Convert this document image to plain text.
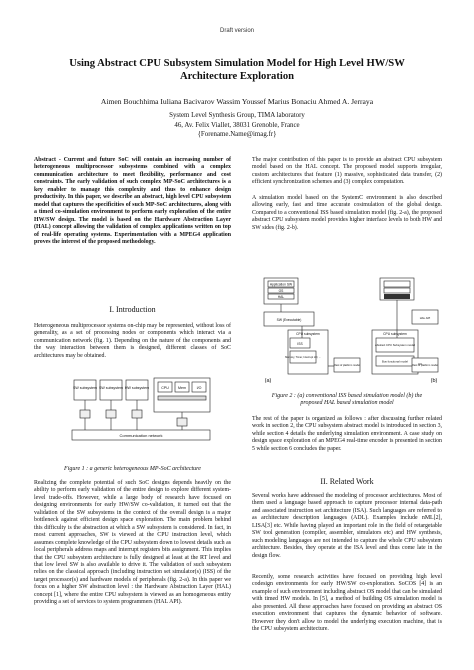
Draft version
Using Abstract CPU Subsystem Simulation Model for High Level HW/SW
Architecture Exploration
Aimen Bouchhima Iuliana Bacivarov Wassim Youssef Marius Bonaciu Ahmed A. Jerraya
System Level Synthesis Group, TIMA laboratory
46, Av. Felix Viallet, 38031 Grenoble, France
{Forename.Name@imag.fr}
Abstract - Current and future SoC will contain an increasing number of heterogeneous multiprocessor subsystems combined with a complex communication architecture to meet flexibility, performance and cost constraints. The early validation of such complex MP-SoC architectures is a key enabler to manage this complexity and thus to enhance design productivity. In this paper, we describe an abstract, high level CPU subsystem model that captures the specificities of such MP-SoC architectures, along with a timed co-simulation environment to perform early exploration of the entire HW/SW design. The model is based on the Hardware Abstraction Layer (HAL) concept allowing the validation of complex applications written on top of real-life operating systems. Experimentation with a MPEG4 application proves the interest of the proposed methodology.
I. Introduction
Heterogeneous multiprocessor systems on-chip may be represented, without loss of generality, as a set of processing nodes or components which interact via a communication network (fig. 1). Depending on the nature of the components and the way interaction between them is designed, different classes of SoC architectures may be obtained.
SW subsystem SW subsystem HW subsystem	CPU	Mem	I/O
Communication network
Figure 1 : a generic heterogeneous MP-SoC architecture
Realizing the complete potential of such SoC designs depends heavily on the ability to perform early validation of the entire design to explore different system-level trade-offs. However, while a large body of research have focused on designing environments for early HW/SW co-validation, it turned out that the validation of the SW subsystems in the context of the overall design is a major bottleneck against efficient design space exploration. The main problem behind this difficulty is the abstraction at which a SW subsystem is considered. In fact, in most current approaches, SW is viewed at the CPU instruction level, which assumes complete knowledge of the CPU subsystem down to lowest details such as local peripherals address maps and interrupt registers bits assignment. This implies that the CPU subsystem architecture is fully designed at least at the RT level and that low level SW is also available to drive it. The validation of such subsystem relies on the classical approach (including instruction set simulator(s) (ISS) of the target processor(s) and hardware models of peripherals (fig. 2-a). In this paper we focus on a higher SW abstraction level : the Hardware Abstraction Layer (HAL) concept [1], where the entire CPU subsystem is viewed as an homogeneous entity providing a set of services to system programmers (HAL API).
The major contribution of this paper is to provide an abstract CPU subsystem model based on the HAL concept. The proposed model supports irregular, custom architectures that feature (1) massive, sophisticated data transfer, (2) efficient synchronization schemes and (3) complex computation.
A simulation model based on the SystemC environment is also described allowing early, fast and time accurate cosimulation of the global design. Compared to a conventional ISS based simulation model (fig. 2-a), the proposed abstract CPU subsystem model provides higher interface levels to both HW and SW sides (fig. 2-b).
Application SW
OS
HAL
SW (Executable)
CPU subsystem
ISS
Memory, Timer, Interrupt ctrl, ...
Rest of platform model
CPU subsystem
Abstract CPU Subsystem model
HAL API
Bus functional model
Rest of platform model
(a)	(b)
Figure 2 : (a) conventional ISS based simulation model (b) the
proposed HAL based simulation model
The rest of the paper is organized as follows : after discussing further related work in section 2, the CPU subsystem abstract model is introduced in section 3, while section 4 details the underlying simulation environment. A case study on design space exploration of an MPEG4 real-time encoder is presented in section 5 while section 6 concludes the paper.
II. Related Work
Several works have addressed the modeling of processor architectures. Most of them used a language based approach to capture processor internal data-path and associated instruction set architecture (ISA). Such languages are referred to as architecture description languages (ADL). Examples include nML[2], LISA[3] etc. While having played an important role in the field of retargetable SW tool generation (compiler, assembler, simulators etc) and HW synthesis, such modeling languages are not intended to capture the whole CPU subsystem architecture. Besides, they operate at the ISA level and thus come late in the design flow.
Recently, some research activities have focused on providing high level codesign environments for early HW/SW co-exploration. SoCOS [4] is an example of such environment including abstract OS model that can be simulated with timed HW models. In [5], a method of building OS simulation model is also presented. All these approaches have focused on providing an abstract OS execution environment that captures the dynamic behavior of software. However they don't allow to model the underlying execution machine, that is the CPU subsystem architecture.
